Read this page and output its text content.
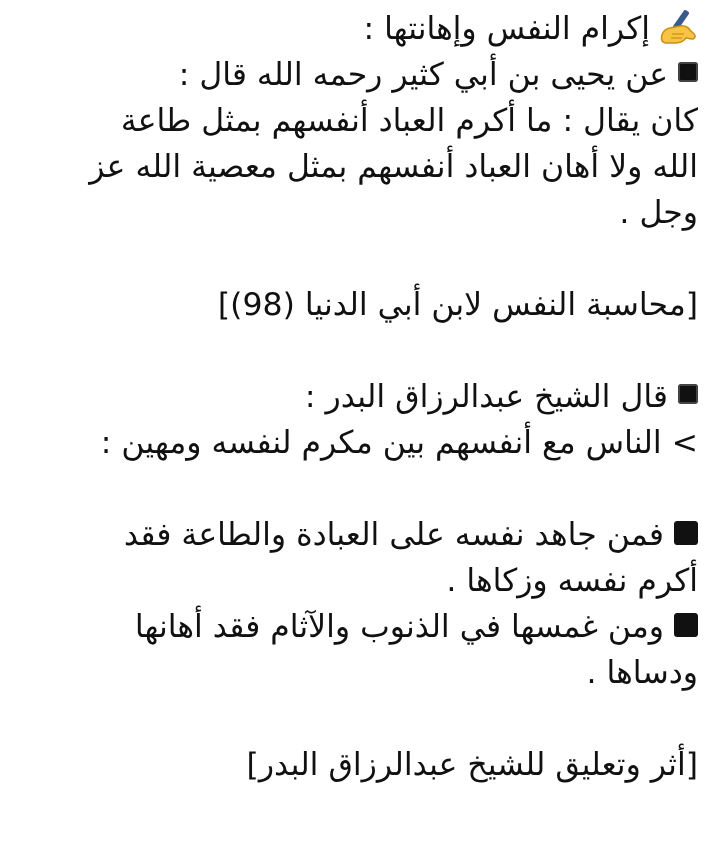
إكرام النفس وإهانتها :
عن يحيى بن أبي كثير رحمه الله قال :
كان يقال : ما أكرم العباد أنفسهم بمثل طاعة
الله ولا أهان العباد أنفسهم بمثل معصية الله عز
وجل .
[محاسبة النفس لابن أبي الدنيا (98)]
قال الشيخ عبدالرزاق البدر :
> الناس مع أنفسهم بين مكرم لنفسه ومهين :
فمن جاهد نفسه على العبادة والطاعة فقد
أكرم نفسه وزكاها .
ومن غمسها في الذنوب والآثام فقد أهانها
ودساها .
[أثر وتعليق للشيخ عبدالرزاق البدر]
